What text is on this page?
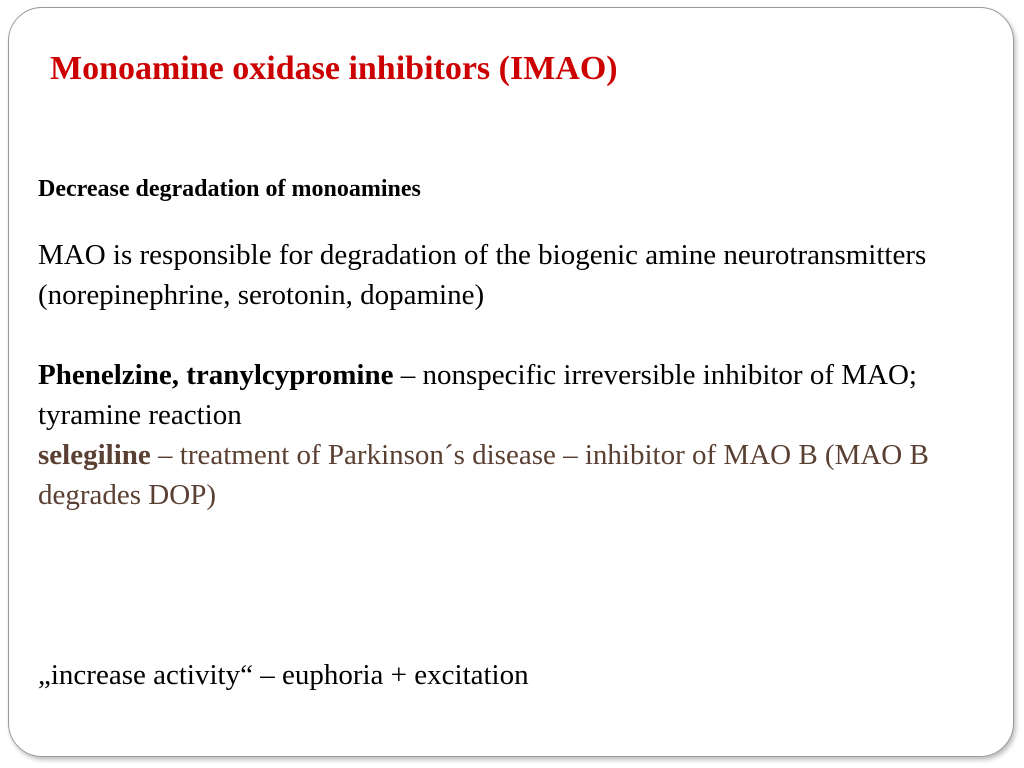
Monoamine oxidase inhibitors (IMAO)

Decrease degradation of monoamines

MAO is responsible for degradation of the biogenic amine neurotransmitters (norepinephrine, serotonin, dopamine)

Phenelzine, tranylcypromine – nonspecific irreversible inhibitor of MAO; tyramine reaction

selegiline – treatment of Parkinson´s disease – inhibitor of MAO B (MAO B degrades DOP)

„increase activity“ – euphoria + excitation
